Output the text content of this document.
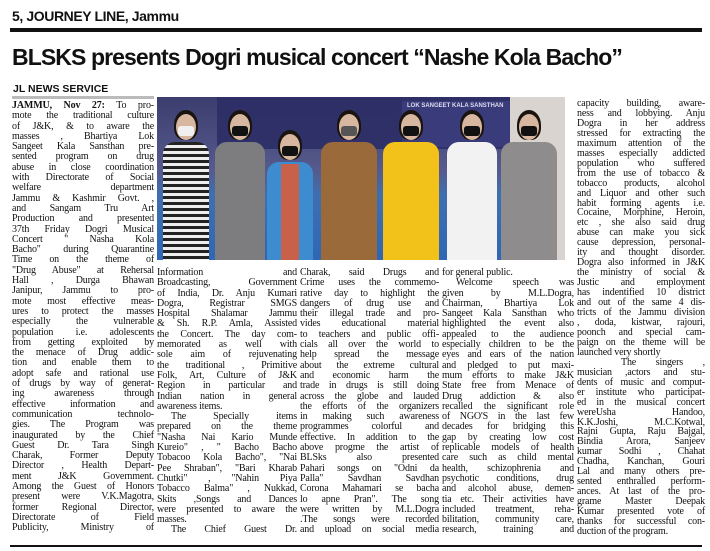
5, JOURNEY LINE, Jammu
BLSKS presents Dogri musical concert “Nashe Kola Bacho”
JL NEWS SERVICE
LOK SANGEET KALA SANSTHAN
JAMMU, Nov 27: To pro-
mote the traditional culture
of J&K, & to aware the
masses , Bhartiya Lok
Sangeet Kala Sansthan pre-
sented program on drug
abuse in close coordination
with Directorate of Social
welfare department
Jammu & Kashmir Govt. ,
and Sangam Tru Art
Production and presented
37th Friday Dogri Musical
Concert " Nasha Kola
Bacho" during Quarantine
Time on the theme of
"Drug Abuse" at Rehersal
Hall , Durga Bhawan
Janipur, Jammu to pro-
mote most effective meas-
ures to protect the masses
especially the vulnerable
population i.e. adolescents
from getting exploited by
the menace of Drug addic-
tion and enable them to
adopt safe and rational use
of drugs by way of generat-
ing awareness through
effective information and
communication technolo-
gies. The Program was
inaugurated by the Chief
Guest Dr. Tara Singh
Charak, Former Deputy
Director , Health Depart-
ment J&K Government.
Among the Guest of Honors
present were V.K.Magotra,
former Regional Director,
Directorate of Field
Publicity, Ministry of
Information and
Broadcasting, Government
of India, Dr. Anju Kumari
Dogra, Registrar SMGS
Hospital Shalamar Jammu
& Sh. R.P. Amla, Assisted
the Concert. The day com-
memorated as well with
sole aim of rejuvenating
the traditional , Primitive
Folk, Art, Culture of J&K
Region in particular and
Indian nation in general
awareness items.
The Specially items
prepared on the theme
"Nasha Nai Kario Munde
Kureio" , " Bacho Bacho
Tobacoo Kola Bacho", "Nai
Pee Shraban", "Bari Kharab
Chutki" , "Nahin Piya
Tobacco Balma" , Nukkad,
Skits ,Songs and Dances
were presented to aware the
masses.
The Chief Guest Dr.
Charak, said Drugs and
Crime uses the commemo-
rative day to highlight the
dangers of drug use and
their illegal trade and pro-
vides educational material
to teachers and public offi-
cials all over the world to
help spread the message
about the extreme cultural
and economic harm the
trade in drugs is still doing
across the globe and lauded
the efforts of the organizers
in making such awareness
programmes colorful and
effective. In addition to the
above progme the artist of
BLSks also presented
Pahari songs on "Odni da
Palla" Savdhan Savdhan
Corona Mahamari se bacha
lo apne Pran". The song
were written by M.L.Dogra
.The songs were recorded
and upload on social media
for general public.
Welcome speech was
given by M.L.Dogra,
Chairman, Bhartiya Lok
Sangeet Kala Sansthan who
highlighted the event also
appealed to the audience
especially children to be the
eyes and ears of the nation
and pledged to put maxi-
mum efforts to make J&K
State free from Menace of
Drug addiction & also
recalled the significant role
of NGO'S in the last few
decades for bridging this
gap by creating low cost
replicable models of health
care such as child mental
health, schizophrenia and
psychotic conditions, drug
and alcohol abuse, demen-
tia etc. Their activities have
included treatment, reha-
bilitation, community care,
research, training and
capacity building, aware-
ness and lobbying. Anju
Dogra in her address
stressed for extracting the
maximum attention of the
masses especially addicted
population who suffered
from the use of tobacco &
tobacco products, alcohol
and Liquor and other such
habit forming agents i.e.
Cocaine, Morphine, Heroin,
etc , she also said drug
abuse can make you sick
cause depression, personal-
ity and thought disorder.
Dogra also informed in J&K
the ministry of social &
Justic and employment
has indentified 10 district
and out of the same 4 dis-
tricts of the Jammu division
, doda, kistwar, rajouri,
poonch and special cam-
paign on the theme will be
launched very shortly
The singers ,
musician ,actors and stu-
dents of music and comput-
er institute who participat-
ed in the musical concert
wereUsha Handoo,
K.K.Joshi, M.C.Kotwal,
Rajni Gupta, Raju Bajgal,
Bindia Arora, Sanjeev
kumar Sodhi , Chahat
Chadha, Kanchan, Gouri
Lal and many others pre-
sented enthralled perform-
ances. At last of the pro-
grame Master Deepak
Kumar presented vote of
thanks for successful con-
duction of the program.
